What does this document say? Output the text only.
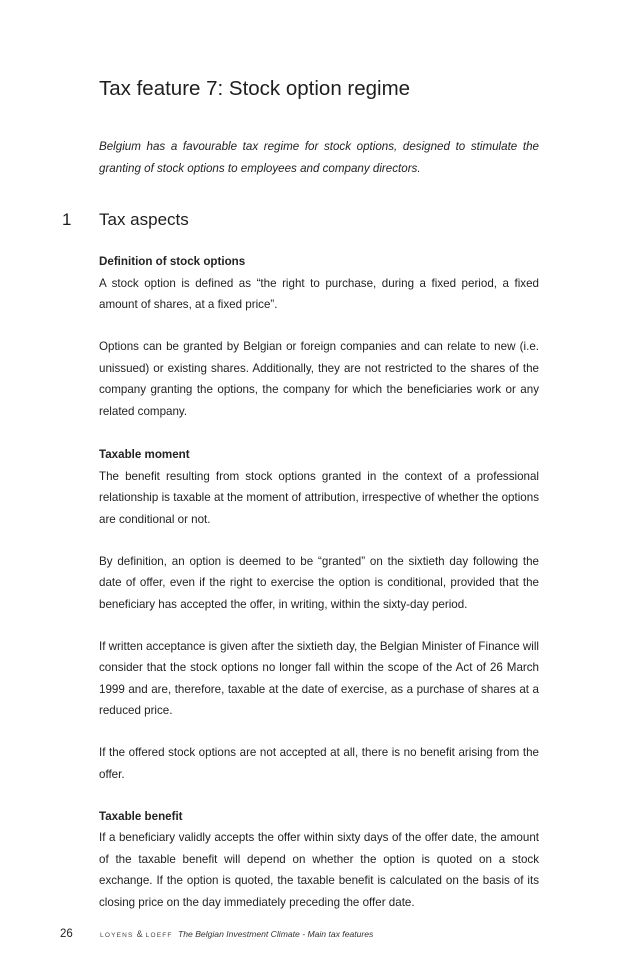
Tax feature 7: Stock option regime

Belgium has a favourable tax regime for stock options, designed to stimulate the granting of stock options to employees and company directors.

1 Tax aspects

Definition of stock options

A stock option is defined as “the right to purchase, during a fixed period, a fixed amount of shares, at a fixed price”.

Options can be granted by Belgian or foreign companies and can relate to new (i.e. unissued) or existing shares. Additionally, they are not restricted to the shares of the company granting the options, the company for which the beneficiaries work or any related company.

Taxable moment

The benefit resulting from stock options granted in the context of a professional relationship is taxable at the moment of attribution, irrespective of whether the options are conditional or not.

By definition, an option is deemed to be “granted” on the sixtieth day following the date of offer, even if the right to exercise the option is conditional, provided that the beneficiary has accepted the offer, in writing, within the sixty-day period.

If written acceptance is given after the sixtieth day, the Belgian Minister of Finance will consider that the stock options no longer fall within the scope of the Act of 26 March 1999 and are, therefore, taxable at the date of exercise, as a purchase of shares at a reduced price.

If the offered stock options are not accepted at all, there is no benefit arising from the offer.

Taxable benefit

If a beneficiary validly accepts the offer within sixty days of the offer date, the amount of the taxable benefit will depend on whether the option is quoted on a stock exchange. If the option is quoted, the taxable benefit is calculated on the basis of its closing price on the day immediately preceding the offer date.

26	LOYENS & LOEFF The Belgian Investment Climate - Main tax features
